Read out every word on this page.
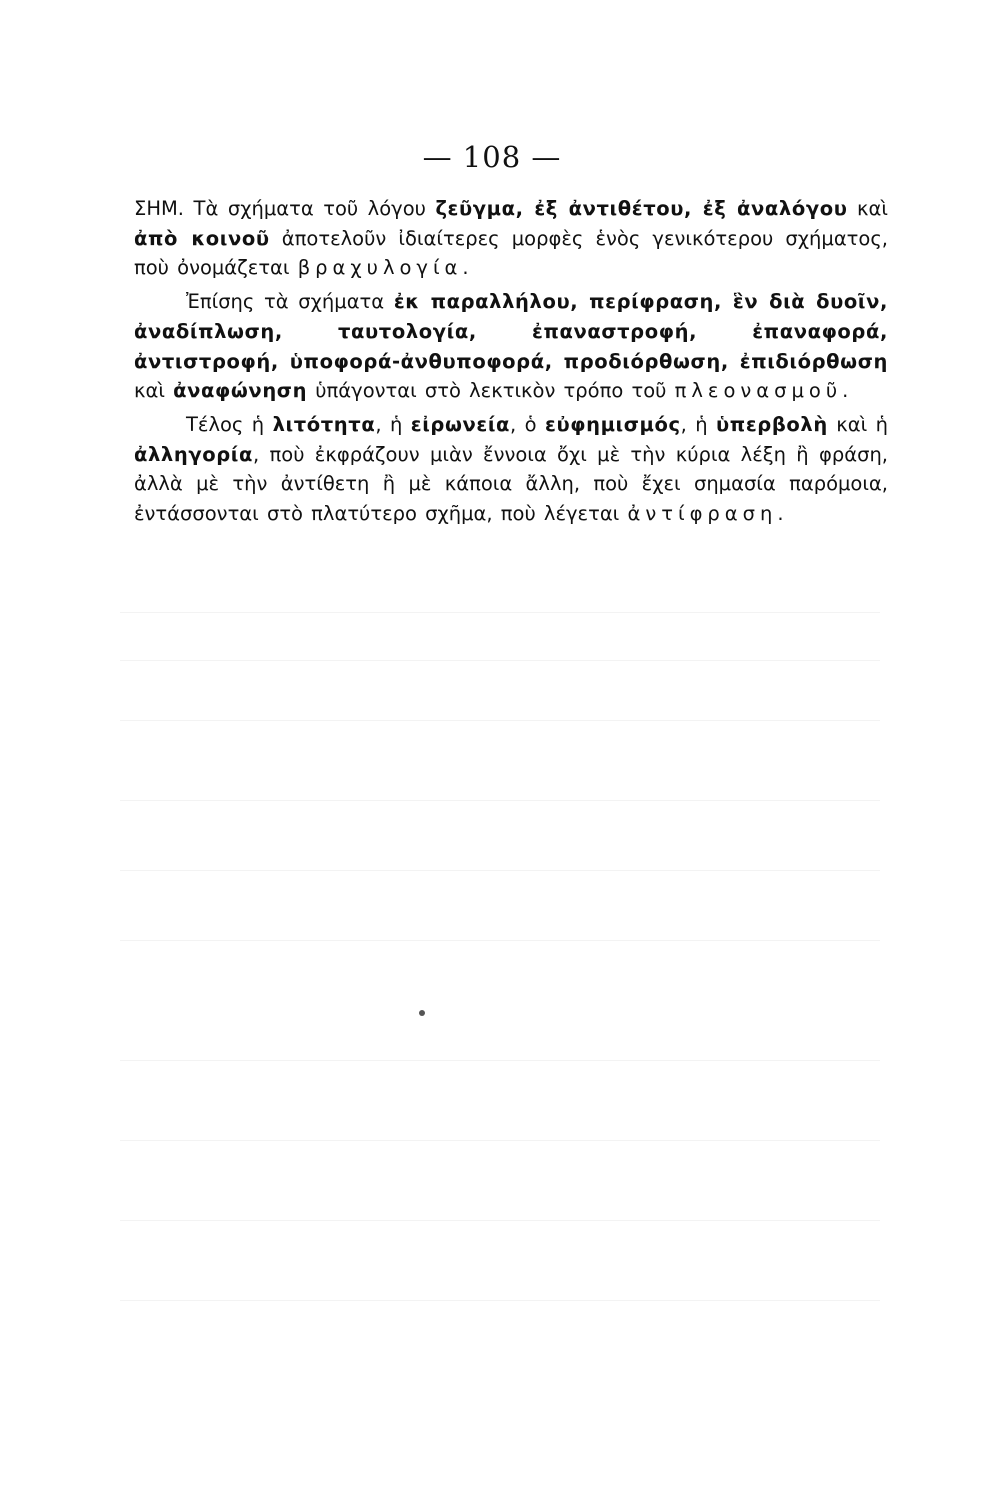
— 108 —

ΣΗΜ. Τὰ σχήματα τοῦ λόγου ζεῦγμα, ἐξ ἀντιθέτου, ἐξ ἀναλόγου καὶ ἀπὸ κοινοῦ ἀποτελοῦν ἰδιαίτερες μορφὲς ἑνὸς γενικότερου σχήματος, ποὺ ὀνομάζεται βραχυλογία.

Ἐπίσης τὰ σχήματα ἐκ παραλλήλου, περίφραση, ἓν διὰ δυοῖν, ἀναδίπλωση, ταυτολογία, ἐπαναστροφή, ἐπαναφορά, ἀντιστροφή, ὑποφορά-ἀνθυποφορά, προδιόρθωση, ἐπιδιόρθωση καὶ ἀναφώνηση ὑπάγονται στὸ λεκτικὸν τρόπο τοῦ πλεονασμοῦ.

Τέλος ἡ λιτότητα, ἡ εἰρωνεία, ὁ εὐφημισμός, ἡ ὑπερβολὴ καὶ ἡ ἀλληγορία, ποὺ ἐκφράζουν μιὰν ἔννοια ὄχι μὲ τὴν κύρια λέξη ἢ φράση, ἀλλὰ μὲ τὴν ἀντίθετη ἢ μὲ κάποια ἄλλη, ποὺ ἔχει σημασία παρόμοια, ἐντάσσονται στὸ πλατύτερο σχῆμα, ποὺ λέγεται ἀντίφραση.
